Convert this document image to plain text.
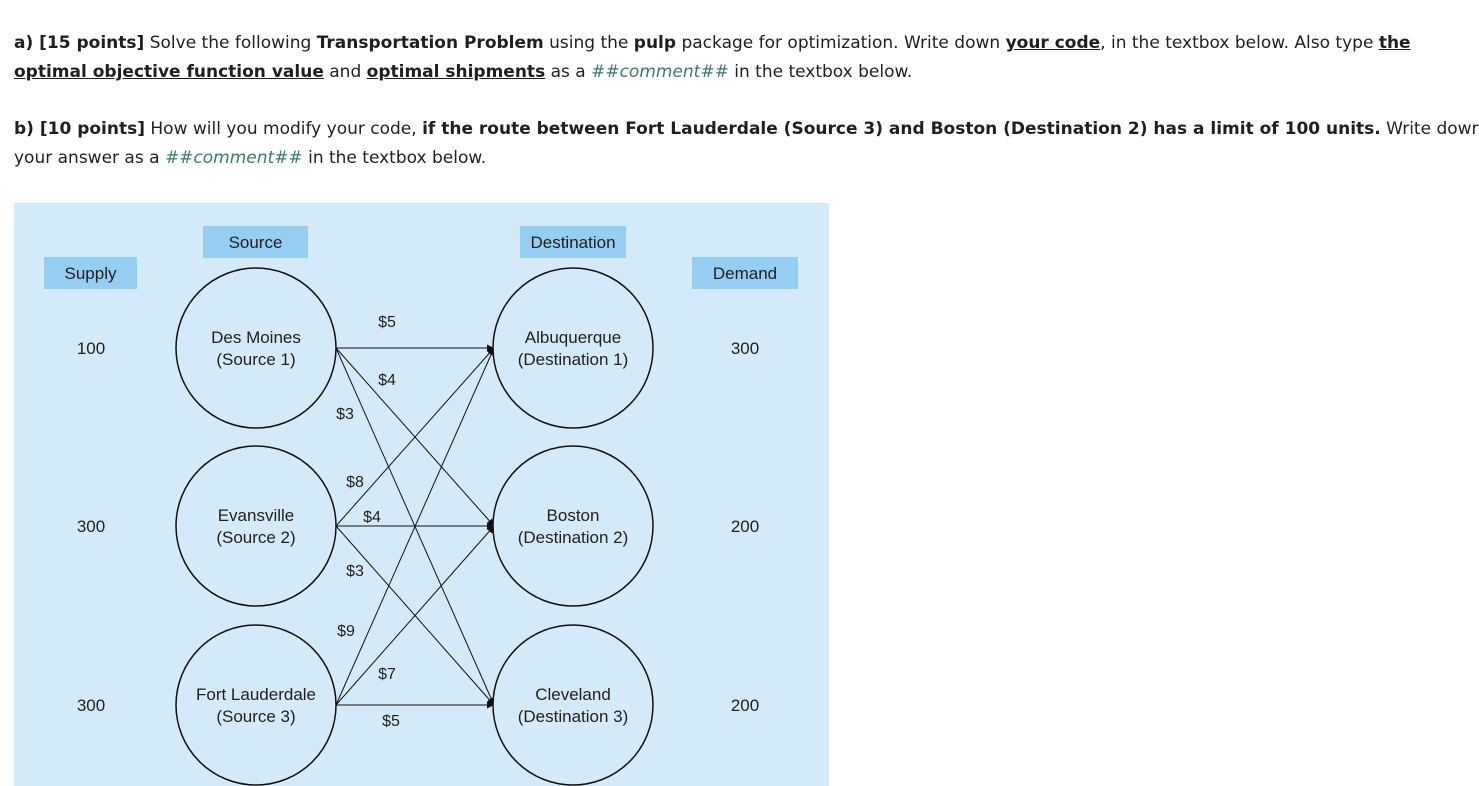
a) [15 points] Solve the following Transportation Problem using the pulp package for optimization. Write down your code, in the textbox below. Also type the
optimal objective function value and optimal shipments as a ##comment## in the textbox below.
b) [10 points] How will you modify your code, if the route between Fort Lauderdale (Source 3) and Boston (Destination 2) has a limit of 100 units. Write dowr
your answer as a ##comment## in the textbox below.
Supply
Source	Destination
Demand
$5
$4
$3
$8
$4
$3
$9
$7
$5
Des Moines
(Source 1)
Evansville
(Source 2)
Fort Lauderdale
(Source 3)
Albuquerque
(Destination 1)
Boston
(Destination 2)
Cleveland
(Destination 3)
100
300
300
300
200
200
